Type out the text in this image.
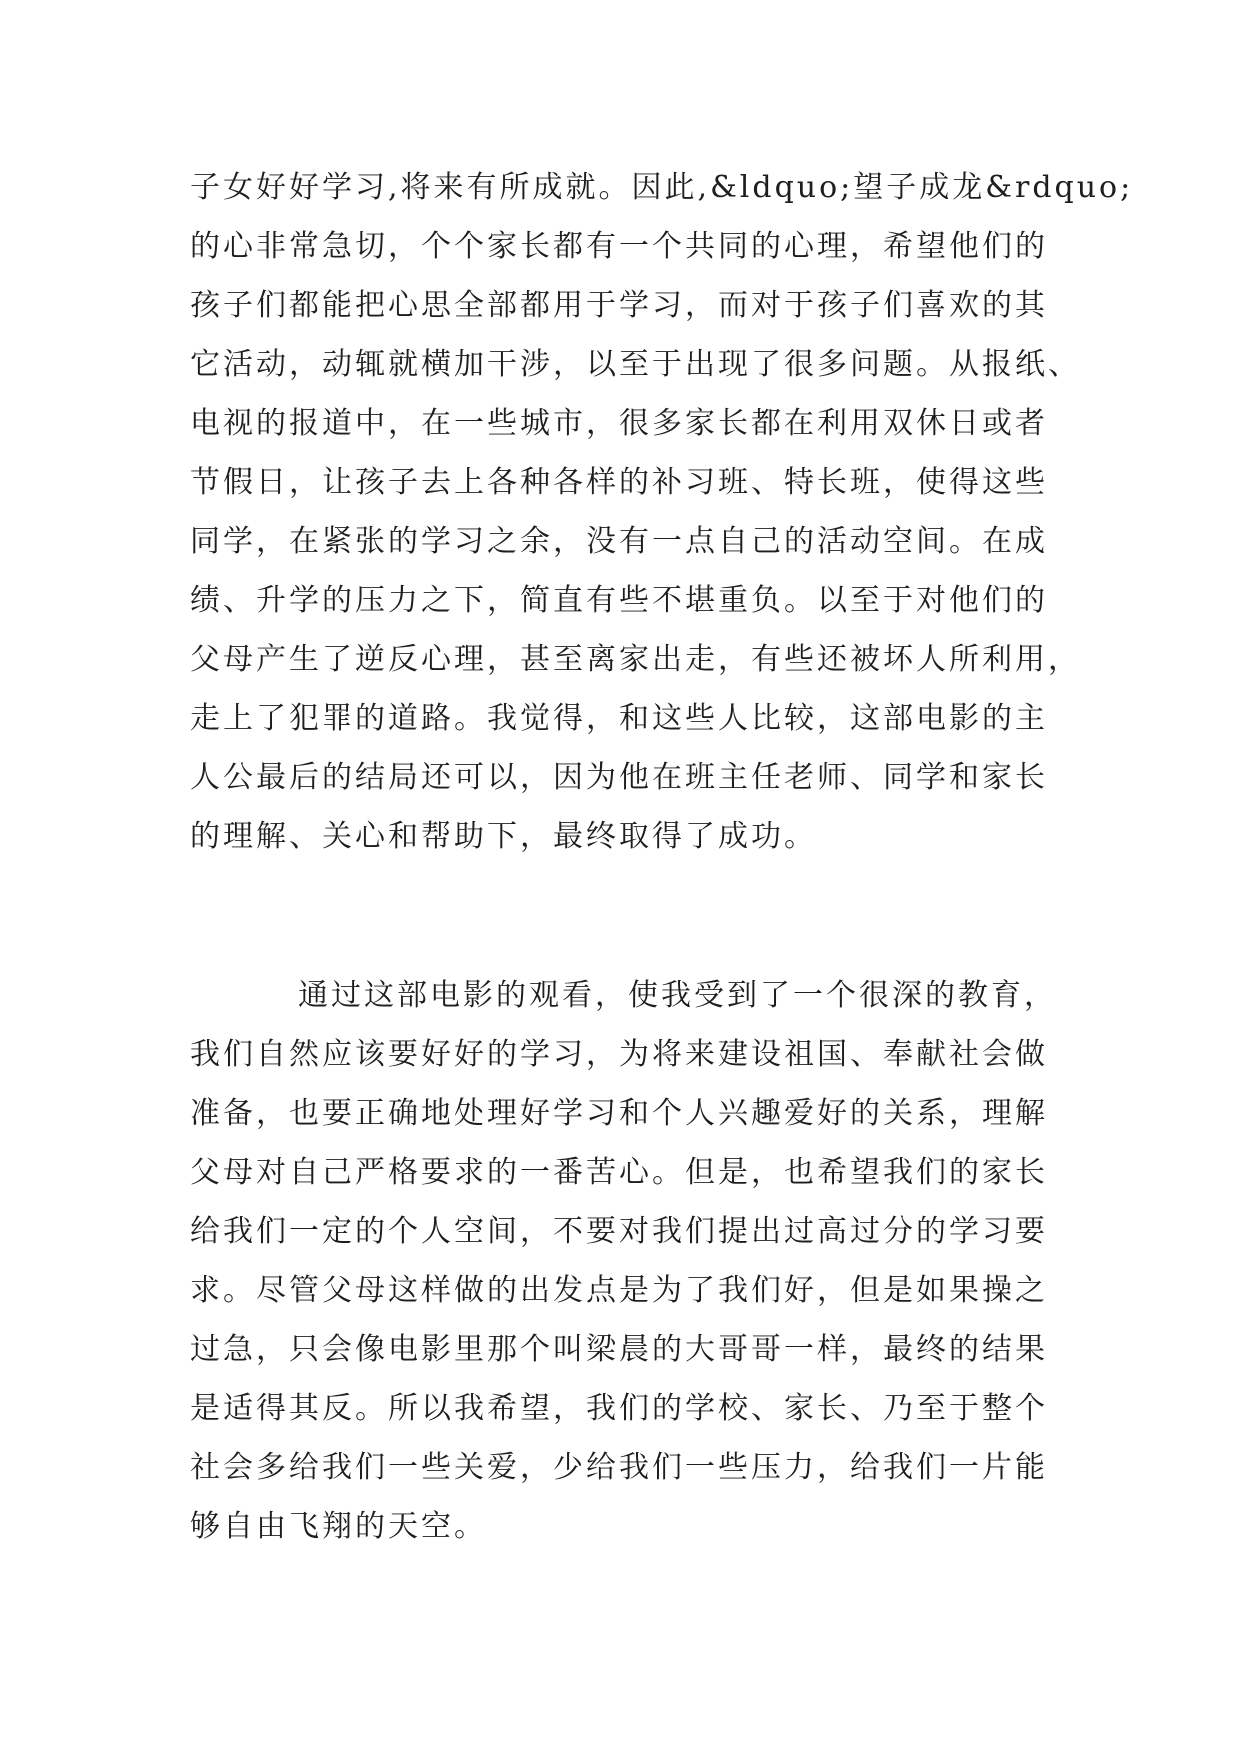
子女好好学习,将来有所成就。因此,&ldquo;望子成龙&rdquo;
的心非常急切，个个家长都有一个共同的心理，希望他们的
孩子们都能把心思全部都用于学习，而对于孩子们喜欢的其
它活动，动辄就横加干涉，以至于出现了很多问题。从报纸、
电视的报道中，在一些城市，很多家长都在利用双休日或者
节假日，让孩子去上各种各样的补习班、特长班，使得这些
同学，在紧张的学习之余，没有一点自己的活动空间。在成
绩、升学的压力之下，简直有些不堪重负。以至于对他们的
父母产生了逆反心理，甚至离家出走，有些还被坏人所利用，
走上了犯罪的道路。我觉得，和这些人比较，这部电影的主
人公最后的结局还可以，因为他在班主任老师、同学和家长
的理解、关心和帮助下，最终取得了成功。
通过这部电影的观看，使我受到了一个很深的教育，
我们自然应该要好好的学习，为将来建设祖国、奉献社会做
准备，也要正确地处理好学习和个人兴趣爱好的关系，理解
父母对自己严格要求的一番苦心。但是，也希望我们的家长
给我们一定的个人空间，不要对我们提出过高过分的学习要
求。尽管父母这样做的出发点是为了我们好，但是如果操之
过急，只会像电影里那个叫梁晨的大哥哥一样，最终的结果
是适得其反。所以我希望，我们的学校、家长、乃至于整个
社会多给我们一些关爱，少给我们一些压力，给我们一片能
够自由飞翔的天空。
